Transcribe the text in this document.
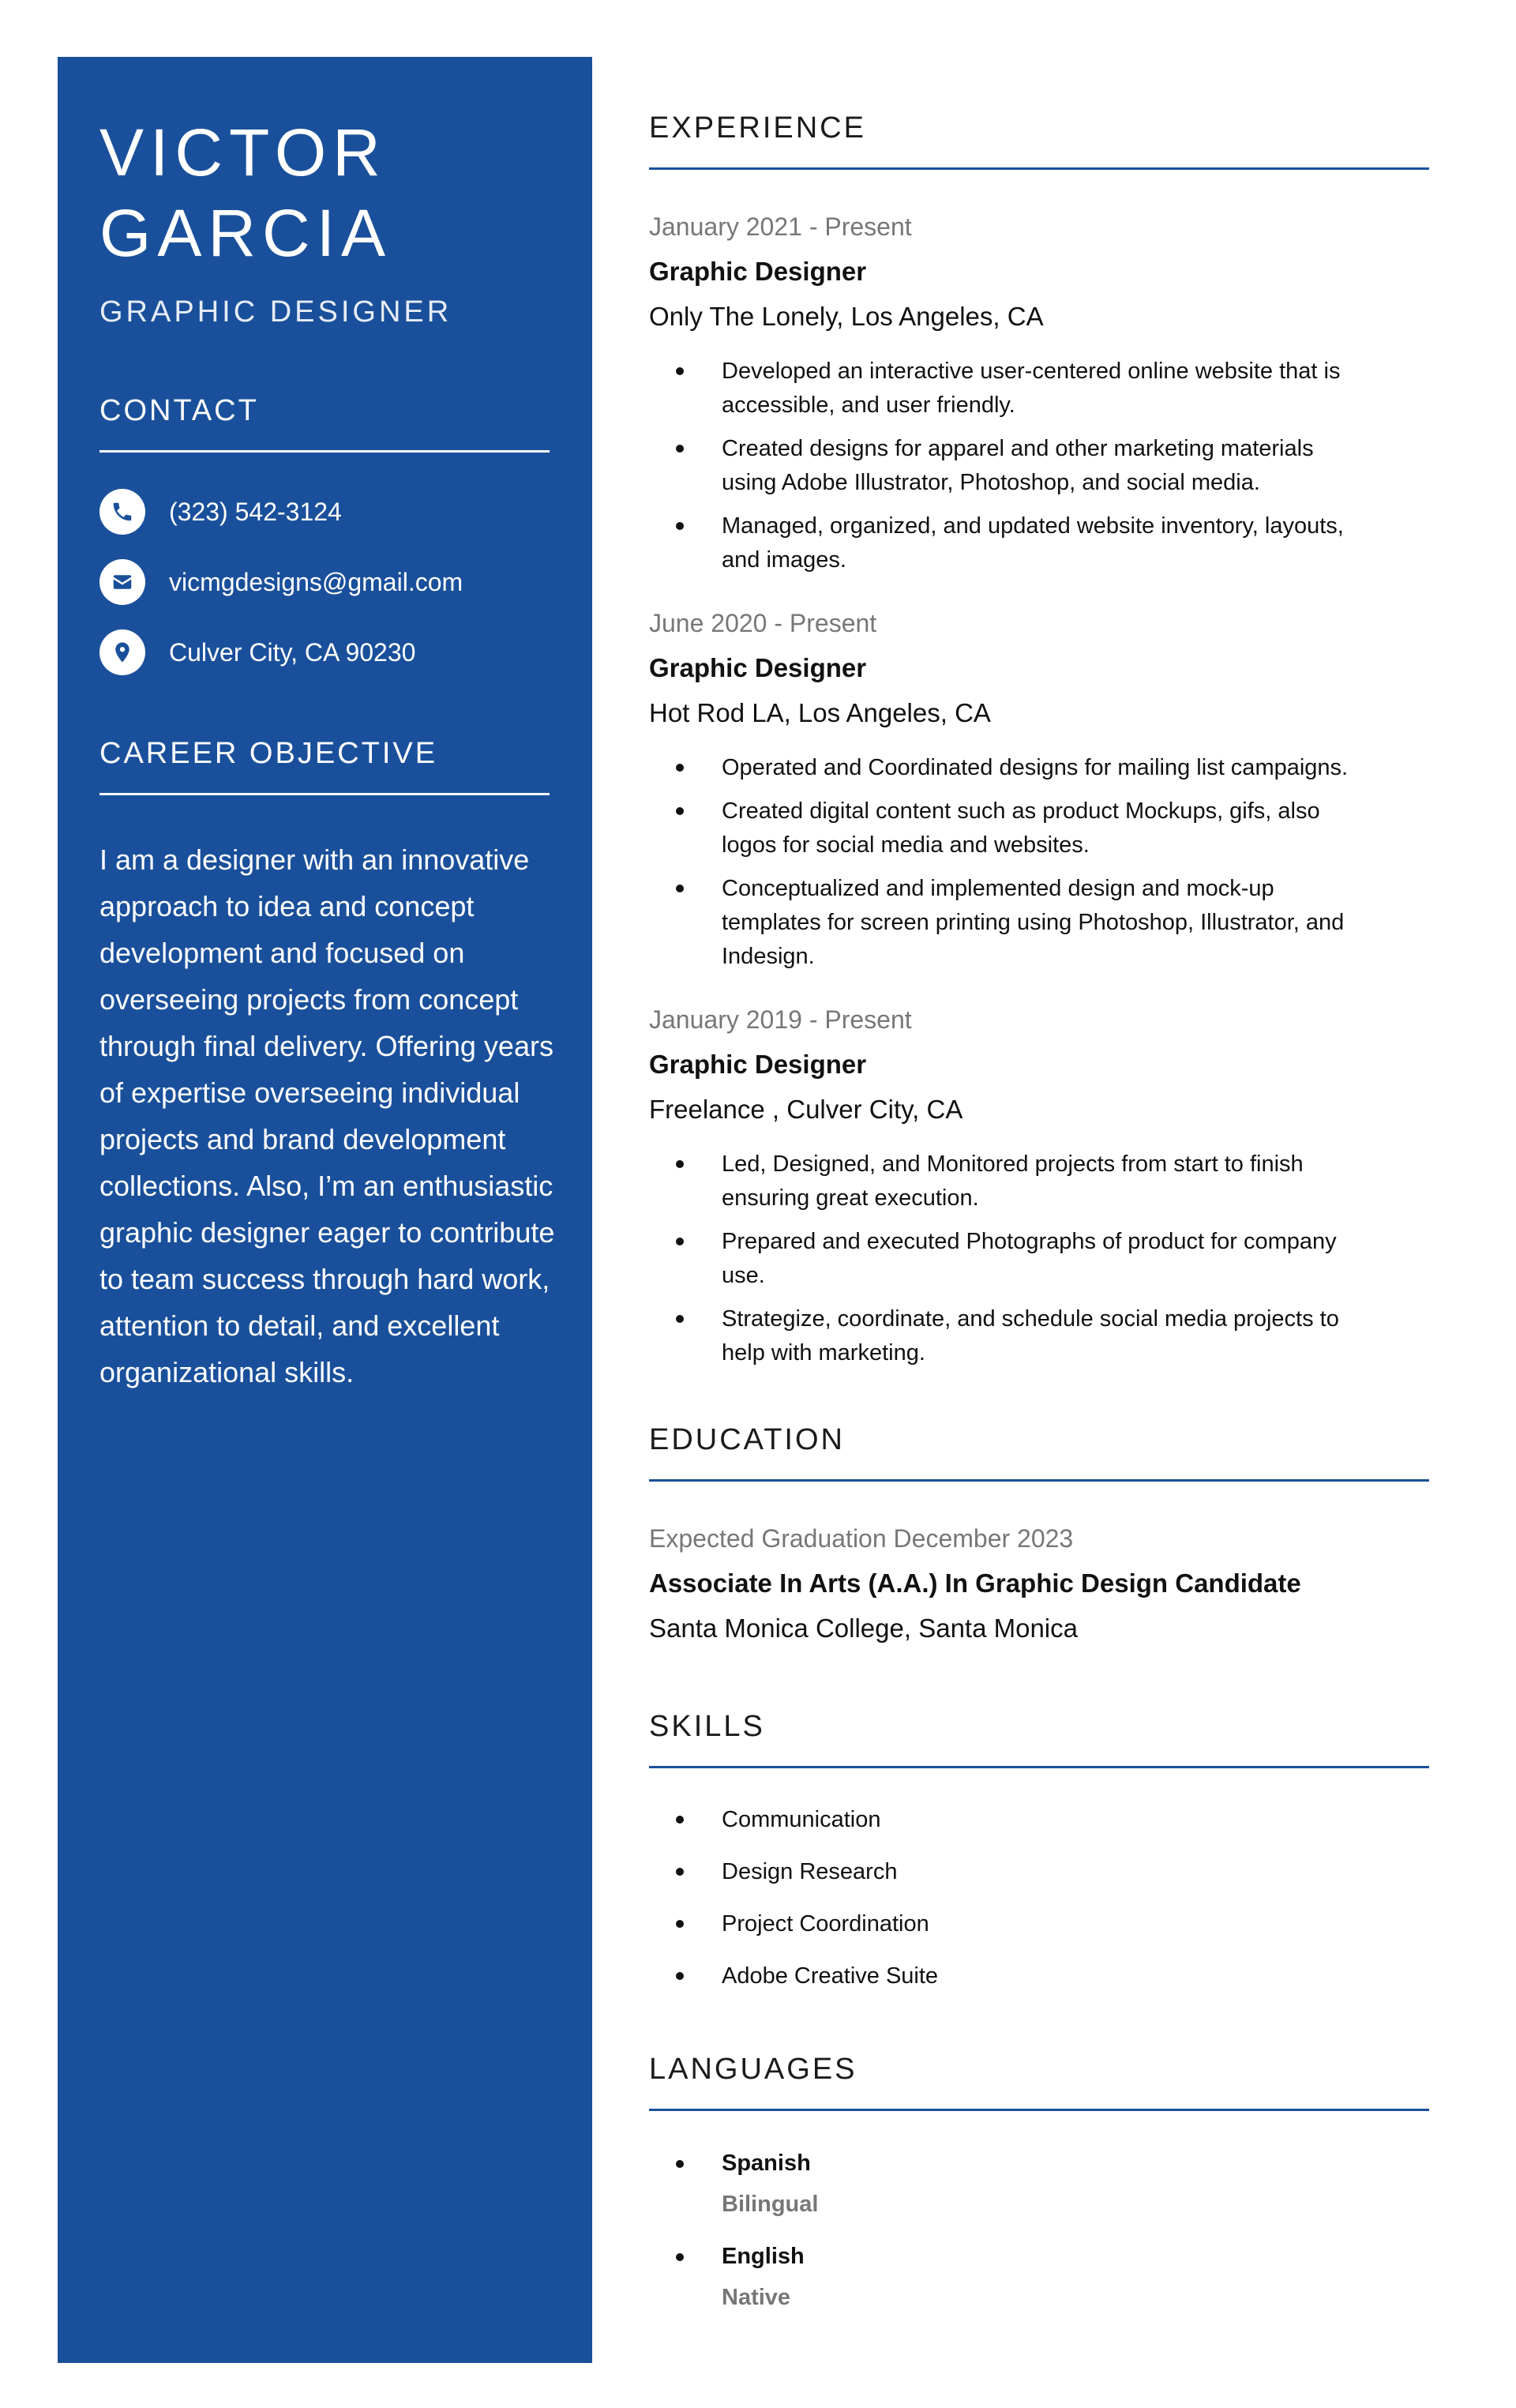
VICTOR
GARCIA
GRAPHIC DESIGNER
CONTACT
(323) 542-3124
vicmgdesigns@gmail.com
Culver City, CA 90230
CAREER OBJECTIVE

I am a designer with an innovative approach to idea and concept development and focused on overseeing projects from concept through final delivery. Offering years of expertise overseeing individual projects and brand development collections. Also, I’m an enthusiastic graphic designer eager to contribute to team success through hard work, attention to detail, and excellent organizational skills.

EXPERIENCE
January 2021 - Present
Graphic Designer
Only The Lonely, Los Angeles, CA
Developed an interactive user-centered online website that is accessible, and user friendly.
Created designs for apparel and other marketing materials using Adobe Illustrator, Photoshop, and social media.
Managed, organized, and updated website inventory, layouts, and images.
June 2020 - Present
Graphic Designer
Hot Rod LA, Los Angeles, CA
Operated and Coordinated designs for mailing list campaigns.
Created digital content such as product Mockups, gifs, also logos for social media and websites.
Conceptualized and implemented design and mock-up templates for screen printing using Photoshop, Illustrator, and Indesign.
January 2019 - Present
Graphic Designer
Freelance , Culver City, CA
Led, Designed, and Monitored projects from start to finish ensuring great execution.
Prepared and executed Photographs of product for company use.
Strategize, coordinate, and schedule social media projects to help with marketing.
EDUCATION
Expected Graduation December 2023
Associate In Arts (A.A.) In Graphic Design Candidate
Santa Monica College, Santa Monica
SKILLS
Communication
Design Research
Project Coordination
Adobe Creative Suite
LANGUAGES
Spanish
Bilingual
English
Native
